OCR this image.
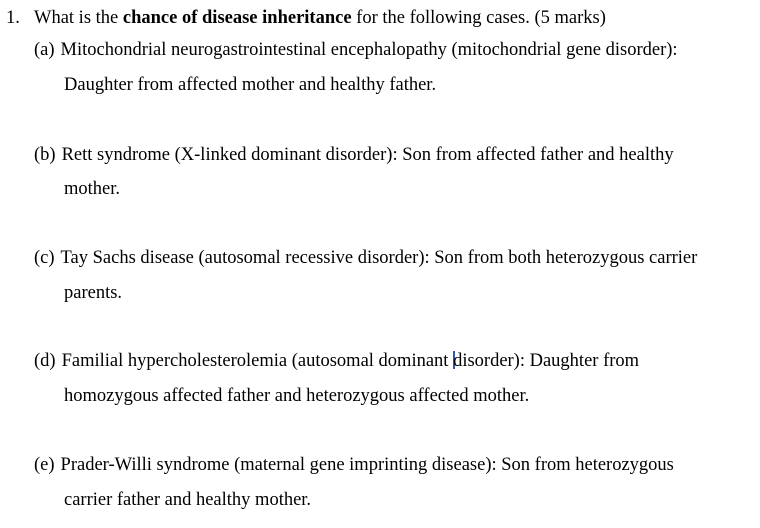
1. What is the chance of disease inheritance for the following cases. (5 marks)
(a) Mitochondrial neurogastrointestinal encephalopathy (mitochondrial gene disorder):
Daughter from affected mother and healthy father.
(b) Rett syndrome (X-linked dominant disorder): Son from affected father and healthy
mother.
(c) Tay Sachs disease (autosomal recessive disorder): Son from both heterozygous carrier
parents.
(d) Familial hypercholesterolemia (autosomal dominant disorder): Daughter from
homozygous affected father and heterozygous affected mother.
(e) Prader-Willi syndrome (maternal gene imprinting disease): Son from heterozygous
carrier father and healthy mother.
